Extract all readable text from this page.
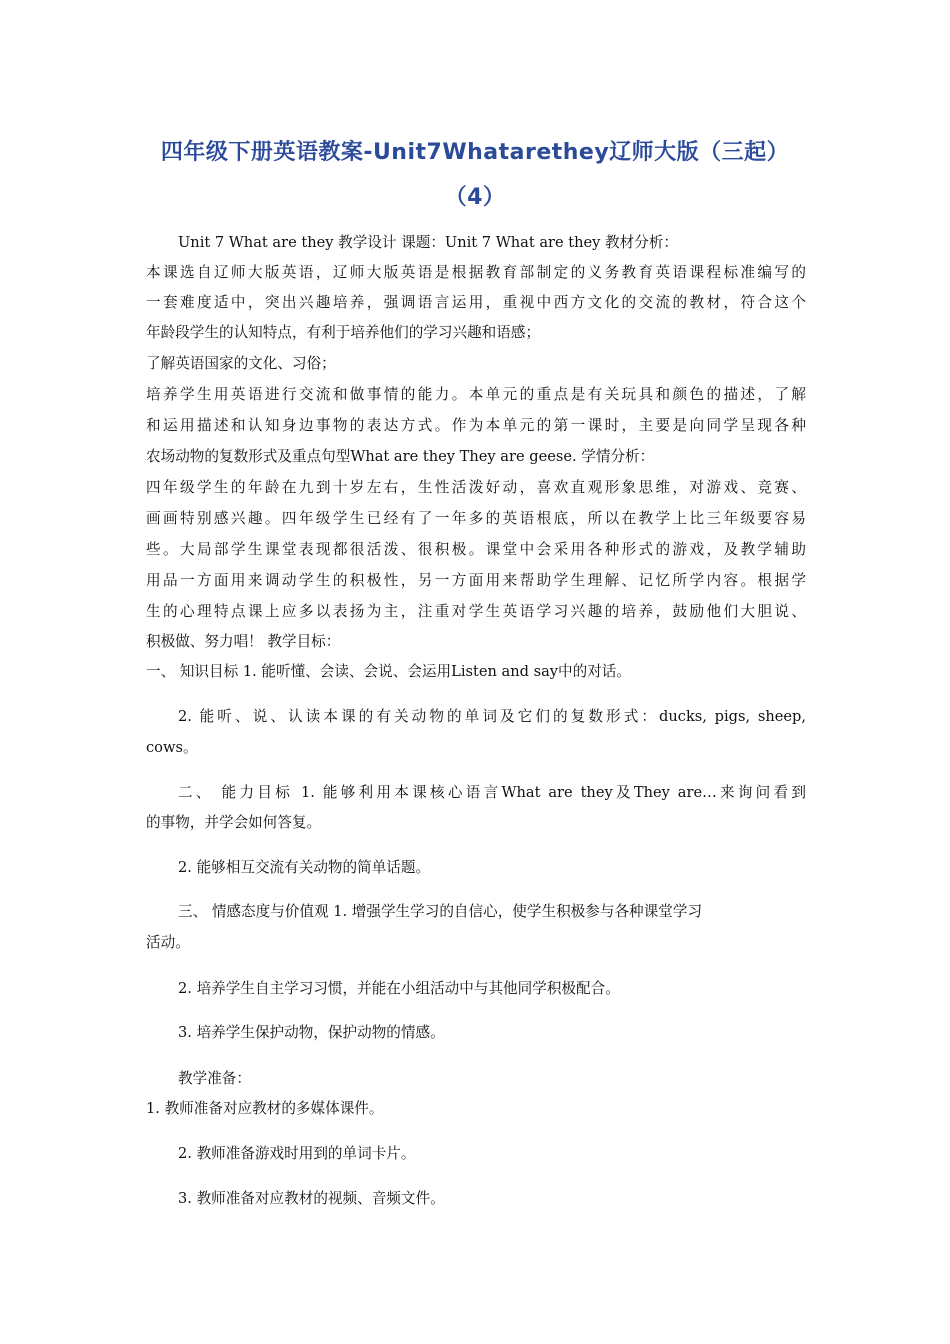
四年级下册英语教案-Unit7Whatarethey辽师大版（三起）
（4）
Unit 7 What are they 教学设计 课题：Unit 7 What are they 教材分析：
本课选自辽师大版英语，辽师大版英语是根据教育部制定的义务教育英语课程标准编写的
一套难度适中，突出兴趣培养，强调语言运用，重视中西方文化的交流的教材，符合这个
年龄段学生的认知特点，有利于培养他们的学习兴趣和语感；
了解英语国家的文化、习俗；
培养学生用英语进行交流和做事情的能力。本单元的重点是有关玩具和颜色的描述，了解
和运用描述和认知身边事物的表达方式。作为本单元的第一课时，主要是向同学呈现各种
农场动物的复数形式及重点句型What are they They are geese. 学情分析：
四年级学生的年龄在九到十岁左右，生性活泼好动，喜欢直观形象思维，对游戏、竞赛、
画画特别感兴趣。四年级学生已经有了一年多的英语根底，所以在教学上比三年级要容易
些。大局部学生课堂表现都很活泼、很积极。课堂中会采用各种形式的游戏，及教学辅助
用品一方面用来调动学生的积极性，另一方面用来帮助学生理解、记忆所学内容。根据学
生的心理特点课上应多以表扬为主，注重对学生英语学习兴趣的培养，鼓励他们大胆说、
积极做、努力唱！ 教学目标：
一、 知识目标 1. 能听懂、会读、会说、会运用Listen and say中的对话。
2. 能听、说、认读本课的有关动物的单词及它们的复数形式：ducks, pigs, sheep,
cows。
二、 能力目标 1. 能够利用本课核心语言What are they及They are…来询问看到
的事物，并学会如何答复。
2. 能够相互交流有关动物的简单话题。
三、 情感态度与价值观 1. 增强学生学习的自信心，使学生积极参与各种课堂学习
活动。
2. 培养学生自主学习习惯，并能在小组活动中与其他同学积极配合。
3. 培养学生保护动物，保护动物的情感。
教学准备：
1. 教师准备对应教材的多媒体课件。
2. 教师准备游戏时用到的单词卡片。
3. 教师准备对应教材的视频、音频文件。
